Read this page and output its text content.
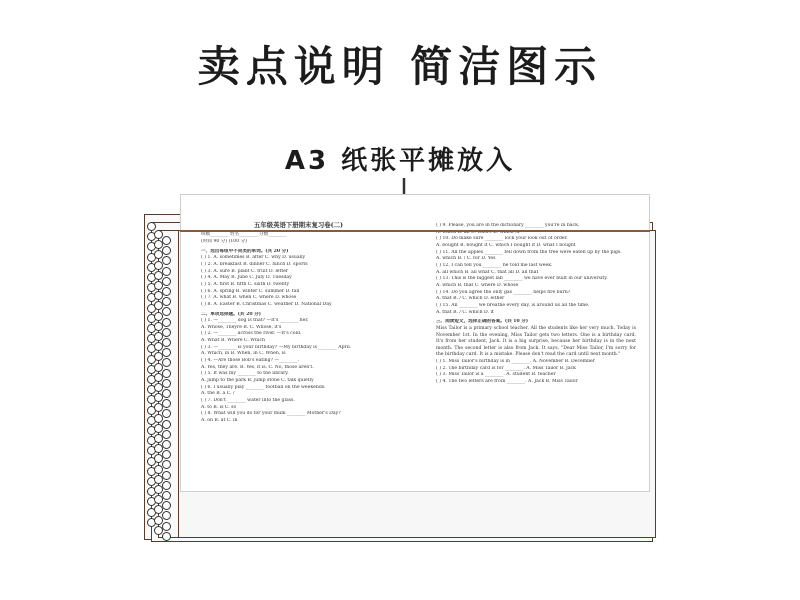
卖点说明 简洁图示
A3 纸张平摊放入
五年级英语下册期末复习卷(二)
班级________ 姓名________ 分数________
(时间 90 分) (100 分)
一、选出每组中不同类的单词。(共 20 分)
( ) 1. A. sometimes B. after C. why D. usually
( ) 2. A. breakfast B. dinner C. lunch D. sports
( ) 3. A. sure B. plant C. fruit D. letter
( ) 4. A. May B. June C. July D. Tuesday
( ) 5. A. first B. fifth C. sixth D. twenty
( ) 6. A. spring B. winter C. summer D. fall
( ) 7. A. what B. when C. where D. whose
( ) 8. A. Easter B. Christmas C. weather D. National Day
二、单项选择题。(共 20 分)
( ) 1. —________ dog is that? —It's ________ her.
A. Whose, Theyre B. C. Whose, it's
( ) 2. —________ across the river. —It's cold.
A. What B. Where C. Which
( ) 3. —________ is your birthday? —My birthday is ________ April.
A. Which, in B. When, in C. When, is
( ) 4. —Are those Bob's eating? —________.
A. Yes, they are. B. Yes, it is. C. No, those aren't.
( ) 5. It was my ________ to the library.
A. jump to the park B. jump stone C. talk quietly
( ) 6. I usually play ________ football on the weekends.
A. the B. a C. /
( ) 7. Don't ________ water into the glass.
A. to B. is C. so
( ) 8. What will you do for your mum ________ Mother's Day?
A. on B. at C. in
( ) 9. Please, you are in the dictionary ________ you're in back.
A. which B. an C. where D. which of
( ) 10. Do make sure ________ lock your look out of order.
A. bought B. bought it C. which I bought it D. what I bought
( ) 11. All the apples ________ fell down from the tree were eaten up by the pigs.
A. which B. / C. for D. Yes
( ) 12. I can tell you ________ he told me last week.
A. all which B. all what C. that all D. all that
( ) 13. This is the biggest lab ________ we have ever built in our university.
A. which B. that C. where D. whose
( ) 14. Do you agree the only gas ________ helps fire burn?
A. that B. / C. which D. either
( ) 15. An ________ we breathe every day, is around us all the time.
A. that B. / C. which D. it
三、阅读短文，选择正确的答案。(共 10 分)
Miss Tailor is a primary school teacher. All the students like her very much. Today is November 1st. In the evening, Miss Tailor gets two letters. One is a birthday card. It's from her student, Jack. It is a big surprise, because her birthday is in the next month. The second letter is also from Jack. It says, "Dear Miss Tailor, I'm sorry for the birthday card. It is a mistake. Please don't read the card until next month."
( ) 1. Miss Tailor's birthday is in ________. A. November B. December
( ) 2. The birthday card is for ________. A. Miss Tailor B. Jack
( ) 3. Miss Tailor is a ________. A. student B. teacher
( ) 4. The two letters are from ________. A. Jack B. Miss Tailor
